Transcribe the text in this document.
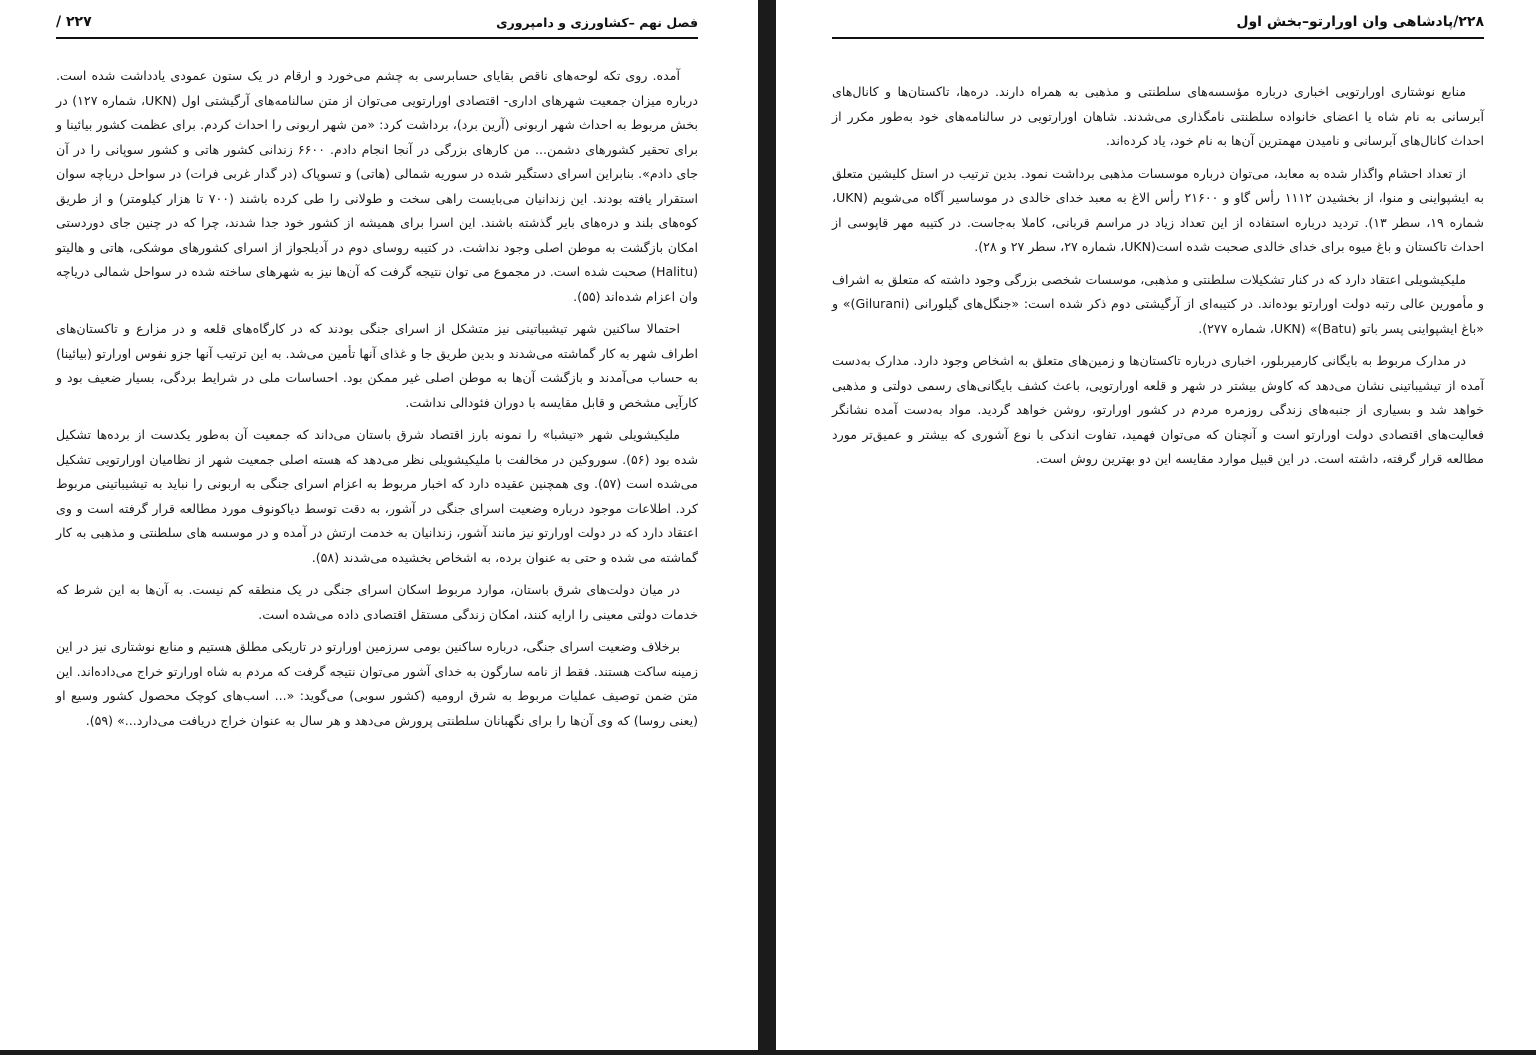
فصل نهم –کشاورزی و دامپروری
۲۲۷ /

آمده. روی تکه لوحه‌های ناقص بقایای حسابرسی به چشم می‌خورد و ارقام در یک ستون عمودی یادداشت شده است. درباره میزان جمعیت شهرهای اداری- اقتصادی اورارتویی می‌توان از متن سالنامه‌های آرگیشتی اول (UKN، شماره ۱۲۷) در بخش مربوط به احداث شهر اربونی (آرین برد)، برداشت کرد: «من شهر اربونی را احداث کردم. برای عظمت کشور بیائینا و برای تحقیر کشورهای دشمن... من کارهای بزرگی در آنجا انجام دادم. ۶۶۰۰ زندانی کشور هاتی و کشور سوپانی را در آن جای دادم». بنابراین اسرای دستگیر شده در سوریه شمالی (هاتی) و تسوپاک (در گدار غربی فرات) در سواحل دریاچه سوان استقرار یافته بودند. این زندانیان می‌بایست راهی سخت و طولانی را طی کرده باشند (۷۰۰ تا هزار کیلومتر) و از طریق کوه‌های بلند و دره‌های بایر گذشته باشند. این اسرا برای همیشه از کشور خود جدا شدند، چرا که در چنین جای دوردستی امکان بازگشت به موطن اصلی وجود نداشت. در کتیبه روسای دوم در آدیلجواز از اسرای کشورهای موشکی، هاتی و هالیتو (Halitu) صحبت شده است. در مجموع می توان نتیجه گرفت که آن‌ها نیز به شهرهای ساخته شده در سواحل شمالی دریاچه وان اعزام شده‌اند (۵۵).

احتمالا ساکنین شهر تیشیباتینی نیز متشکل از اسرای جنگی بودند که در کارگاه‌های قلعه و در مزارع و تاکستان‌های اطراف شهر به کار گماشته می‌شدند و بدین طریق جا و غذای آنها تأمین می‌شد. به این ترتیب آنها جزو نفوس اورارتو (بیائینا) به حساب می‌آمدند و بازگشت آن‌ها به موطن اصلی غیر ممکن بود. احساسات ملی در شرایط بردگی، بسیار ضعیف بود و کارآیی مشخص و قابل مقایسه با دوران فئودالی نداشت.

ملیکیشویلی شهر «تیشبا» را نمونه بارز اقتصاد شرق باستان می‌داند که جمعیت آن به‌طور یکدست از برده‌ها تشکیل شده بود (۵۶). سوروکین در مخالفت با ملیکیشویلی نظر می‌دهد که هسته اصلی جمعیت شهر از نظامیان اورارتویی تشکیل می‌شده است (۵۷). وی همچنین عقیده دارد که اخبار مربوط به اعزام اسرای جنگی به اربونی را نباید به تیشیباتینی مربوط کرد. اطلاعات موجود درباره وضعیت اسرای جنگی در آشور، به دقت توسط دیاکونوف مورد مطالعه قرار گرفته است و وی اعتقاد دارد که در دولت اورارتو نیز مانند آشور، زندانیان به خدمت ارتش در آمده و در موسسه های سلطنتی و مذهبی به کار گماشته می شده و حتی به عنوان برده، به اشخاص بخشیده می‌شدند (۵۸).

در میان دولت‌های شرق باستان، موارد مربوط اسکان اسرای جنگی در یک منطقه کم نیست. به آن‌ها به این شرط که خدمات دولتی معینی را ارایه کنند، امکان زندگی مستقل اقتصادی داده می‌شده است.

برخلاف وضعیت اسرای جنگی، درباره ساکنین بومی سرزمین اورارتو در تاریکی مطلق هستیم و منابع نوشتاری نیز در این زمینه ساکت هستند. فقط از نامه سارگون به خدای آشور می‌توان نتیجه گرفت که مردم به شاه اورارتو خراج می‌داده‌اند. این متن ضمن توصیف عملیات مربوط به شرق ارومیه (کشور سوبی) می‌گوید: «... اسب‌های کوچک محصول کشور وسیع او (یعنی روسا) که وی آن‌ها را برای نگهبانان سلطنتی پرورش می‌دهد و هر سال به عنوان خراج دریافت می‌دارد...» (۵۹).

۲۲۸/پادشاهی وان اورارتو–بخش اول

منابع نوشتاری اورارتویی اخباری درباره مؤسسه‌های سلطنتی و مذهبی به همراه دارند. دره‌ها، تاکستان‌ها و کانال‌های آبرسانی به نام شاه یا اعضای خانواده سلطنتی نامگذاری می‌شدند. شاهان اورارتویی در سالنامه‌های خود به‌طور مکرر از احداث کانال‌های آبرسانی و نامیدن مهمترین آن‌ها به نام خود، یاد کرده‌اند.

از تعداد احشام واگذار شده به معابد، می‌توان درباره موسسات مذهبی برداشت نمود. بدین ترتیب در استل کلیشین متعلق به ایشپواینی و منوا، از بخشیدن ۱۱۱۲ رأس گاو و ۲۱۶۰۰ رأس الاغ به معبد خدای خالدی در موساسیر آگاه می‌شویم (UKN، شماره ۱۹، سطر ۱۳). تردید درباره استفاده از این تعداد زیاد در مراسم قربانی، کاملا به‌جاست. در کتیبه مهر قاپوسی از احداث تاکستان و باغ میوه برای خدای خالدی صحبت شده است(UKN، شماره ۲۷، سطر ۲۷ و ۲۸).

ملیکیشویلی اعتقاد دارد که در کنار تشکیلات سلطنتی و مذهبی، موسسات شخصی بزرگی وجود داشته که متعلق به اشراف و مأمورین عالی رتبه دولت اورارتو بوده‌اند. در کتیبه‌ای از آرگیشتی دوم ذکر شده است: «جنگل‌های گیلورانی (Gilurani)» و «باغ ایشپواینی پسر باتو (Batu)» (UKN، شماره ۲۷۷).

در مدارک مربوط به بایگانی کارمیربلور، اخباری درباره تاکستان‌ها و زمین‌های متعلق به اشخاص وجود دارد. مدارک به‌دست آمده از تیشیباتینی نشان می‌دهد که کاوش بیشتر در شهر و قلعه اورارتویی، باعث کشف بایگانی‌های رسمی دولتی و مذهبی خواهد شد و بسیاری از جنبه‌های زندگی روزمره مردم در کشور اورارتو، روشن خواهد گردید. مواد به‌دست آمده نشانگر فعالیت‌های اقتصادی دولت اورارتو است و آنچنان که می‌توان فهمید، تفاوت اندکی با نوع آشوری که بیشتر و عمیق‌تر مورد مطالعه قرار گرفته، داشته است. در این قبیل موارد مقایسه این دو بهترین روش است.
